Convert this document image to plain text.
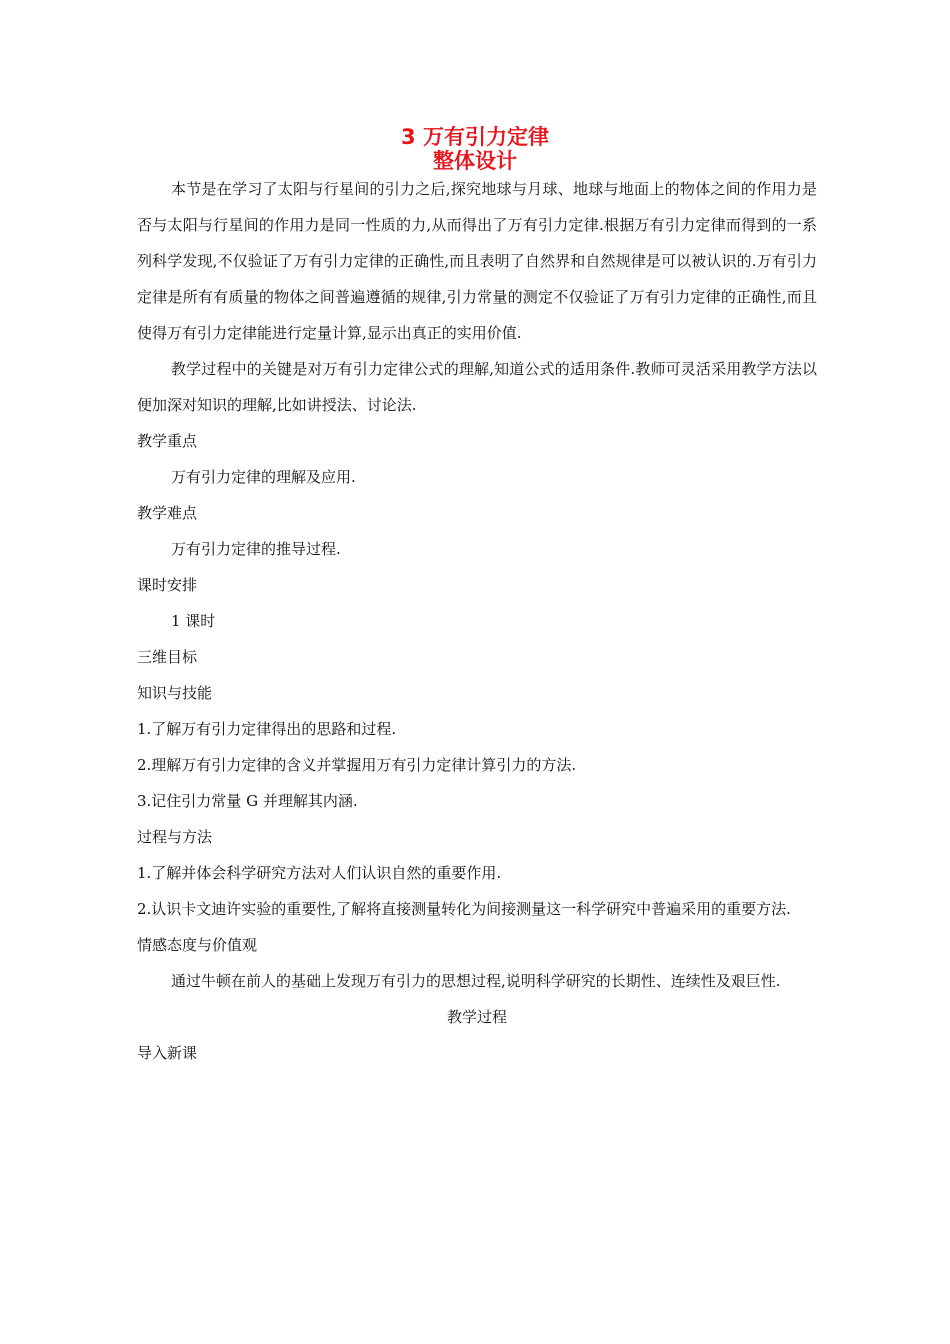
3 万有引力定律
整体设计

本节是在学习了太阳与行星间的引力之后,探究地球与月球、地球与地面上的物体之间的作用力是否与太阳与行星间的作用力是同一性质的力,从而得出了万有引力定律.根据万有引力定律而得到的一系列科学发现,不仅验证了万有引力定律的正确性,而且表明了自然界和自然规律是可以被认识的.万有引力定律是所有有质量的物体之间普遍遵循的规律,引力常量的测定不仅验证了万有引力定律的正确性,而且使得万有引力定律能进行定量计算,显示出真正的实用价值.

教学过程中的关键是对万有引力定律公式的理解,知道公式的适用条件.教师可灵活采用教学方法以便加深对知识的理解,比如讲授法、讨论法.

教学重点

万有引力定律的理解及应用.

教学难点

万有引力定律的推导过程.

课时安排

1 课时

三维目标

知识与技能

1.了解万有引力定律得出的思路和过程.

2.理解万有引力定律的含义并掌握用万有引力定律计算引力的方法.

3.记住引力常量 G 并理解其内涵.

过程与方法

1.了解并体会科学研究方法对人们认识自然的重要作用.

2.认识卡文迪许实验的重要性,了解将直接测量转化为间接测量这一科学研究中普遍采用的重要方法.

情感态度与价值观

通过牛顿在前人的基础上发现万有引力的思想过程,说明科学研究的长期性、连续性及艰巨性.

教学过程

导入新课
